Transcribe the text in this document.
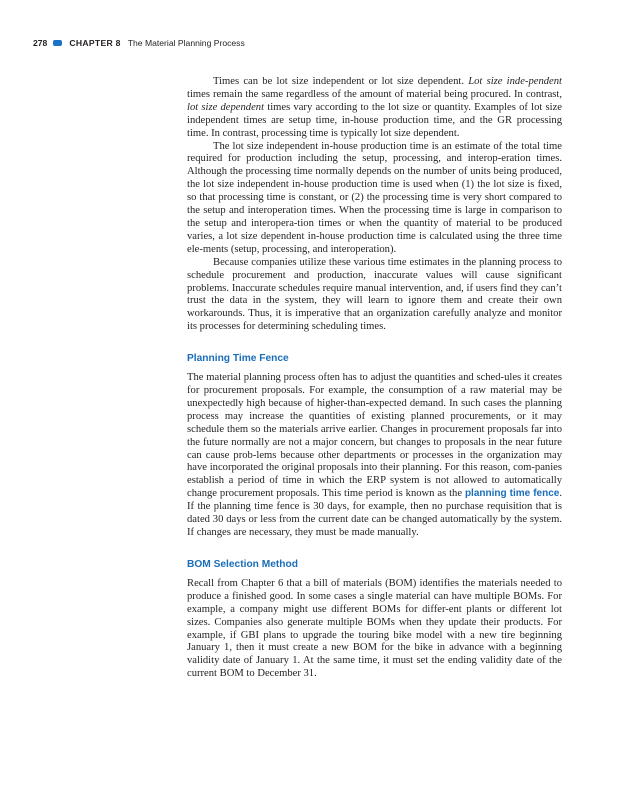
278	CHAPTER 8 The Material Planning Process

Times can be lot size independent or lot size dependent. Lot size inde-pendent times remain the same regardless of the amount of material being procured. In contrast, lot size dependent times vary according to the lot size or quantity. Examples of lot size independent times are setup time, in-house production time, and the GR processing time. In contrast, processing time is typically lot size dependent.

The lot size independent in-house production time is an estimate of the total time required for production including the setup, processing, and interop-eration times. Although the processing time normally depends on the number of units being produced, the lot size independent in-house production time is used when (1) the lot size is fixed, so that processing time is constant, or (2) the processing time is very short compared to the setup and interoperation times. When the processing time is large in comparison to the setup and interopera-tion times or when the quantity of material to be produced varies, a lot size dependent in-house production time is calculated using the three time ele-ments (setup, processing, and interoperation).

Because companies utilize these various time estimates in the planning process to schedule procurement and production, inaccurate values will cause significant problems. Inaccurate schedules require manual intervention, and, if users find they can’t trust the data in the system, they will learn to ignore them and create their own workarounds. Thus, it is imperative that an organization carefully analyze and monitor its processes for determining scheduling times.

Planning Time Fence

The material planning process often has to adjust the quantities and sched-ules it creates for procurement proposals. For example, the consumption of a raw material may be unexpectedly high because of higher-than-expected demand. In such cases the planning process may increase the quantities of existing planned procurements, or it may schedule them so the materials arrive earlier. Changes in procurement proposals far into the future normally are not a major concern, but changes to proposals in the near future can cause prob-lems because other departments or processes in the organization may have incorporated the original proposals into their planning. For this reason, com-panies establish a period of time in which the ERP system is not allowed to automatically change procurement proposals. This time period is known as the planning time fence. If the planning time fence is 30 days, for example, then no purchase requisition that is dated 30 days or less from the current date can be changed automatically by the system. If changes are necessary, they must be made manually.

BOM Selection Method

Recall from Chapter 6 that a bill of materials (BOM) identifies the materials needed to produce a finished good. In some cases a single material can have multiple BOMs. For example, a company might use different BOMs for differ-ent plants or different lot sizes. Companies also generate multiple BOMs when they update their products. For example, if GBI plans to upgrade the touring bike model with a new tire beginning January 1, then it must create a new BOM for the bike in advance with a beginning validity date of January 1. At the same time, it must set the ending validity date of the current BOM to December 31.
